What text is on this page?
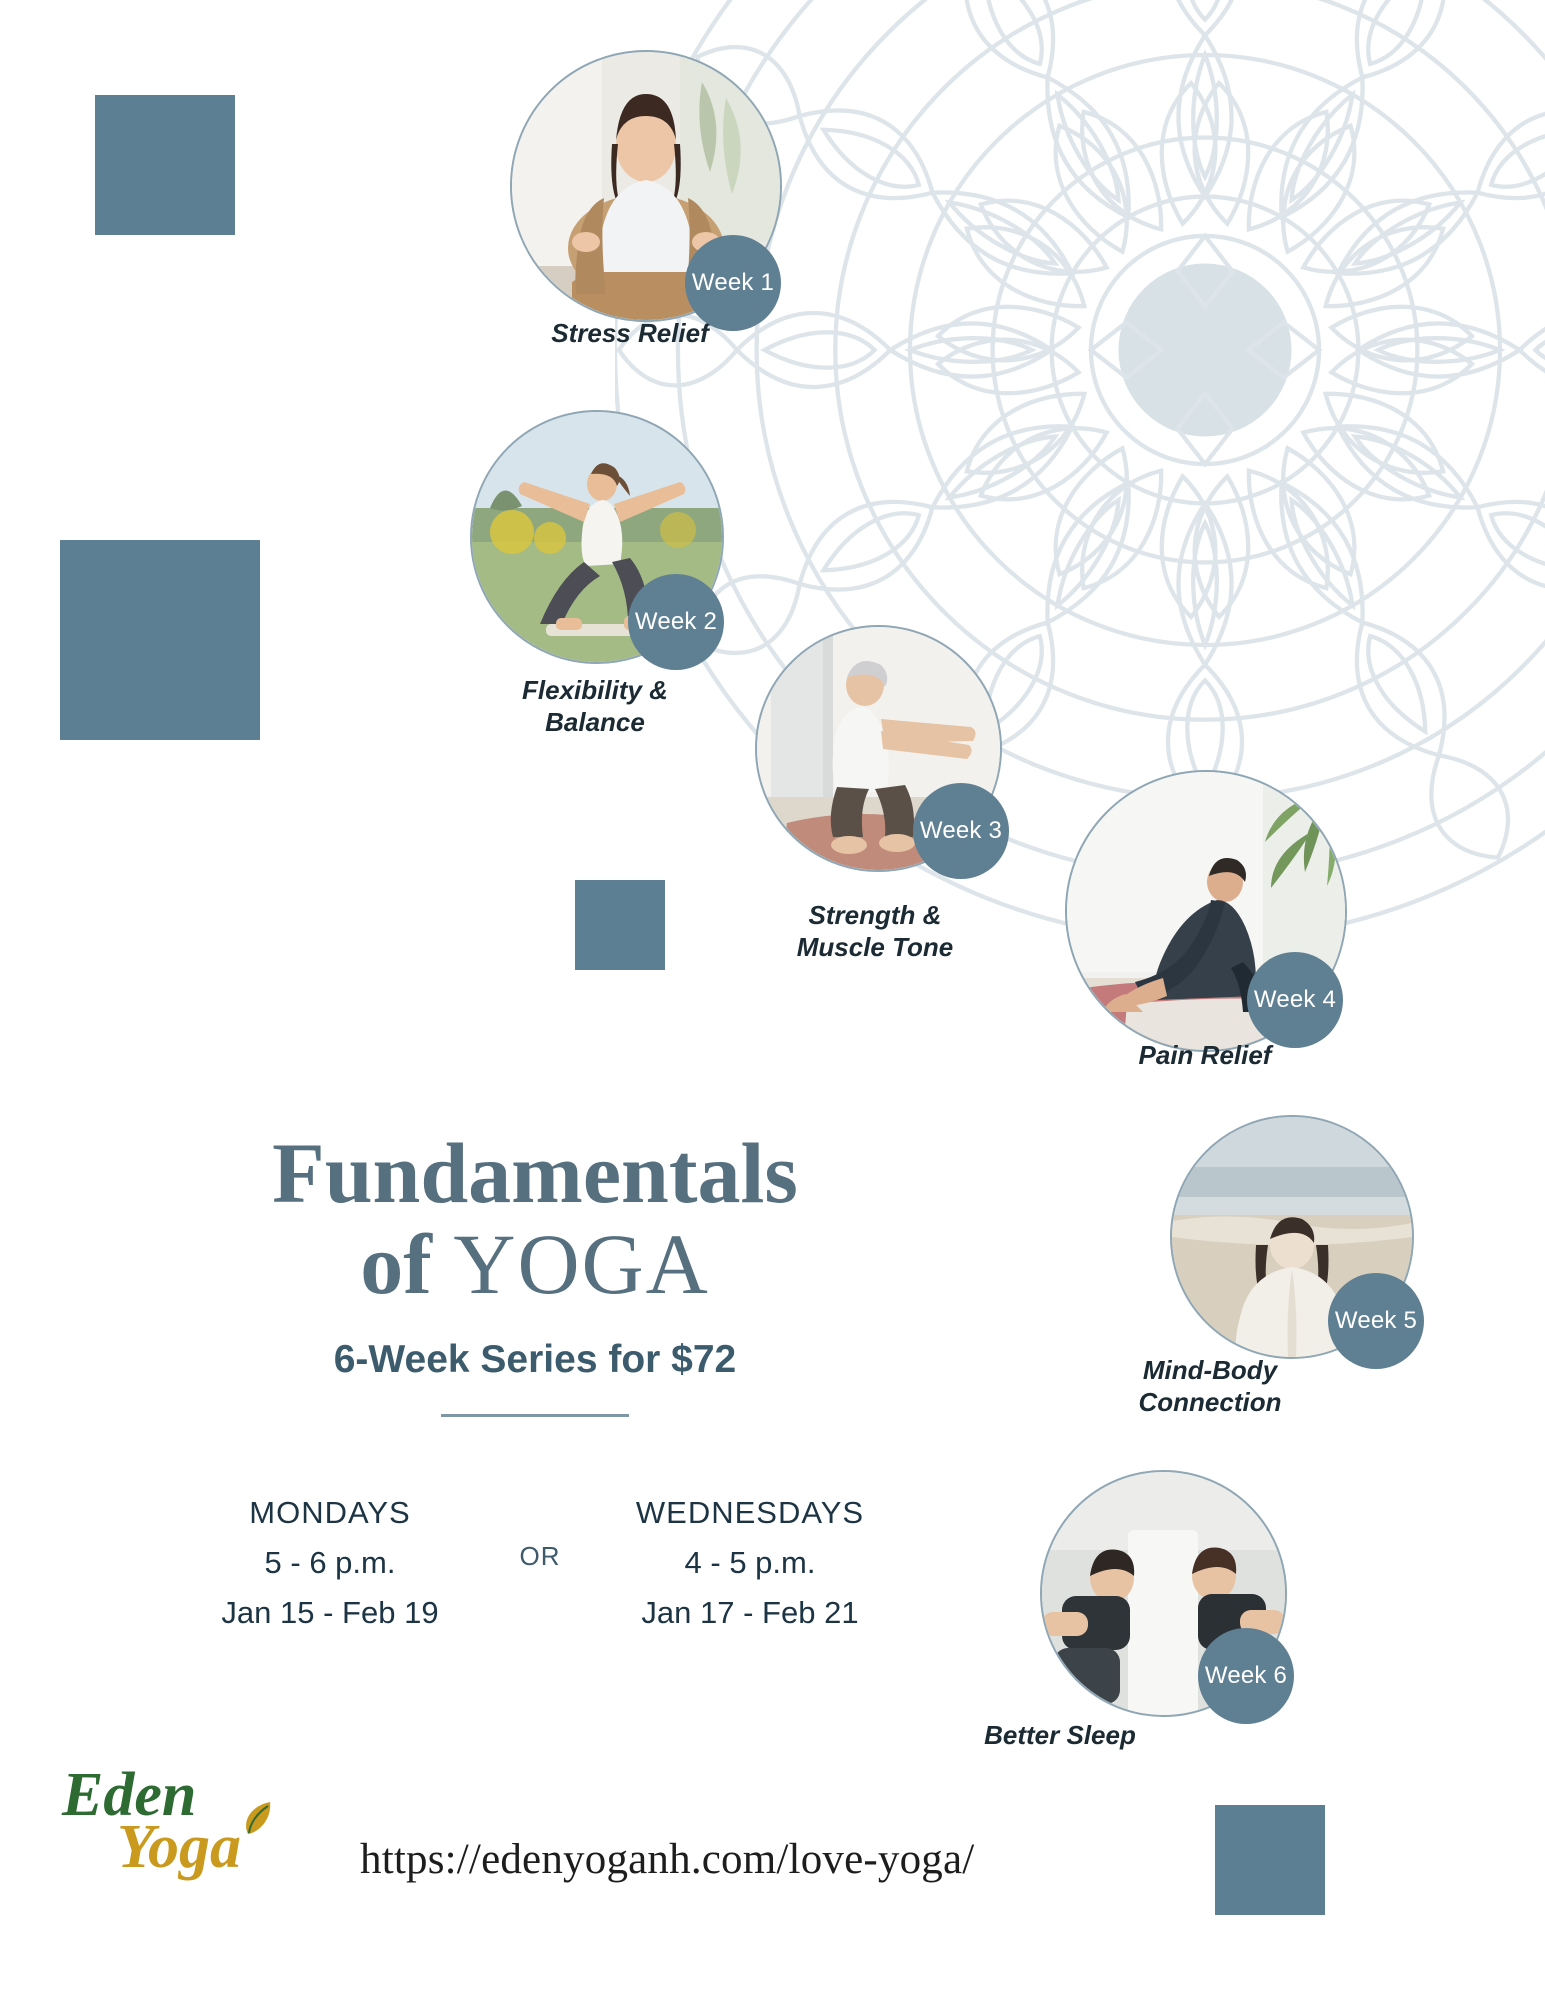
Week 1
Stress Relief
Week 2
Flexibility &
Balance
Week 3
Strength &
Muscle Tone
Week 4
Pain Relief
Week 5
Mind-Body
Connection
Week 6
Better Sleep
Fundamentals
of YOGA
6-Week Series for $72
MONDAYS
5 - 6 p.m.
Jan 15 - Feb 19
OR
WEDNESDAYS
4 - 5 p.m.
Jan 17 - Feb 21
Eden
Yoga	https://edenyoganh.com/love-yoga/
